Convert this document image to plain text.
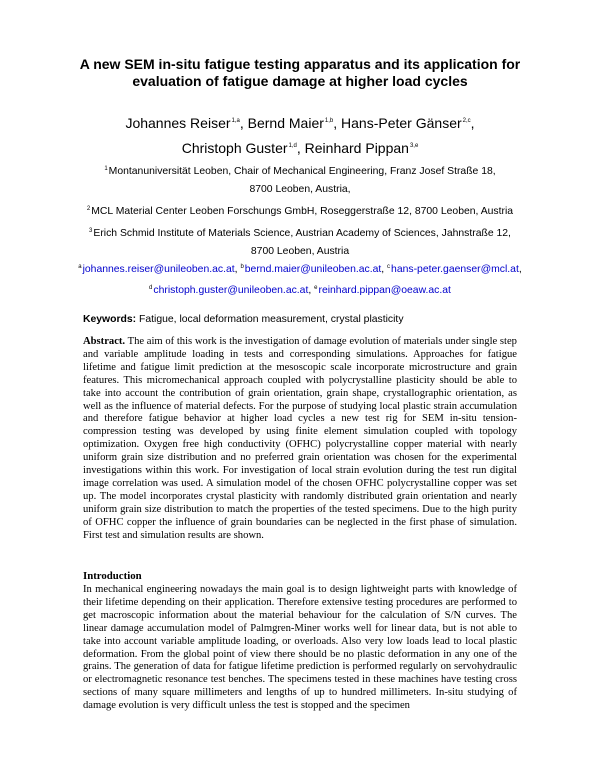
A new SEM in-situ fatigue testing apparatus and its application for
evaluation of fatigue damage at higher load cycles
Johannes Reiser$^{1,a}$, Bernd Maier$^{1,b}$, Hans-Peter Gänser$^{2,c}$,
Christoph Guster$^{1,d}$, Reinhard Pippan$^{3,e}$
$^1$Montanuniversität Leoben, Chair of Mechanical Engineering, Franz Josef Straße 18,
8700 Leoben, Austria,
$^2$MCL Material Center Leoben Forschungs GmbH, Roseggerstraße 12, 8700 Leoben, Austria
$^3$Erich Schmid Institute of Materials Science, Austrian Academy of Sciences, Jahnstraße 12,
8700 Leoben, Austria
$^a$johannes.reiser@unileoben.ac.at, $^b$bernd.maier@unileoben.ac.at, $^c$hans-peter.gaenser@mcl.at,
$^d$christoph.guster@unileoben.ac.at, $^e$reinhard.pippan@oeaw.ac.at
Keywords: Fatigue, local deformation measurement, crystal plasticity
Abstract. The aim of this work is the investigation of damage evolution of materials under single step and variable amplitude loading in tests and corresponding simulations. Approaches for fatigue lifetime and fatigue limit prediction at the mesoscopic scale incorporate microstructure and grain features. This micromechanical approach coupled with polycrystalline plasticity should be able to take into account the contribution of grain orientation, grain shape, crystallographic orientation, as well as the influence of material defects. For the purpose of studying local plastic strain accumulation and therefore fatigue behavior at higher load cycles a new test rig for SEM in-situ tension-compression testing was developed by using finite element simulation coupled with topology optimization. Oxygen free high conductivity (OFHC) polycrystalline copper material with nearly uniform grain size distribution and no preferred grain orientation was chosen for the experimental investigations within this work. For investigation of local strain evolution during the test run digital image correlation was used. A simulation model of the chosen OFHC polycrystalline copper was set up. The model incorporates crystal plasticity with randomly distributed grain orientation and nearly uniform grain size distribution to match the properties of the tested specimens. Due to the high purity of OFHC copper the influence of grain boundaries can be neglected in the first phase of simulation. First test and simulation results are shown.
Introduction
In mechanical engineering nowadays the main goal is to design lightweight parts with knowledge of their lifetime depending on their application. Therefore extensive testing procedures are performed to get macroscopic information about the material behaviour for the calculation of S/N curves. The linear damage accumulation model of Palmgren-Miner works well for linear data, but is not able to take into account variable amplitude loading, or overloads. Also very low loads lead to local plastic deformation. From the global point of view there should be no plastic deformation in any one of the grains. The generation of data for fatigue lifetime prediction is performed regularly on servohydraulic or electromagnetic resonance test benches. The specimens tested in these machines have testing cross sections of many square millimeters and lengths of up to hundred millimeters. In-situ studying of damage evolution is very difficult unless the test is stopped and the specimen
